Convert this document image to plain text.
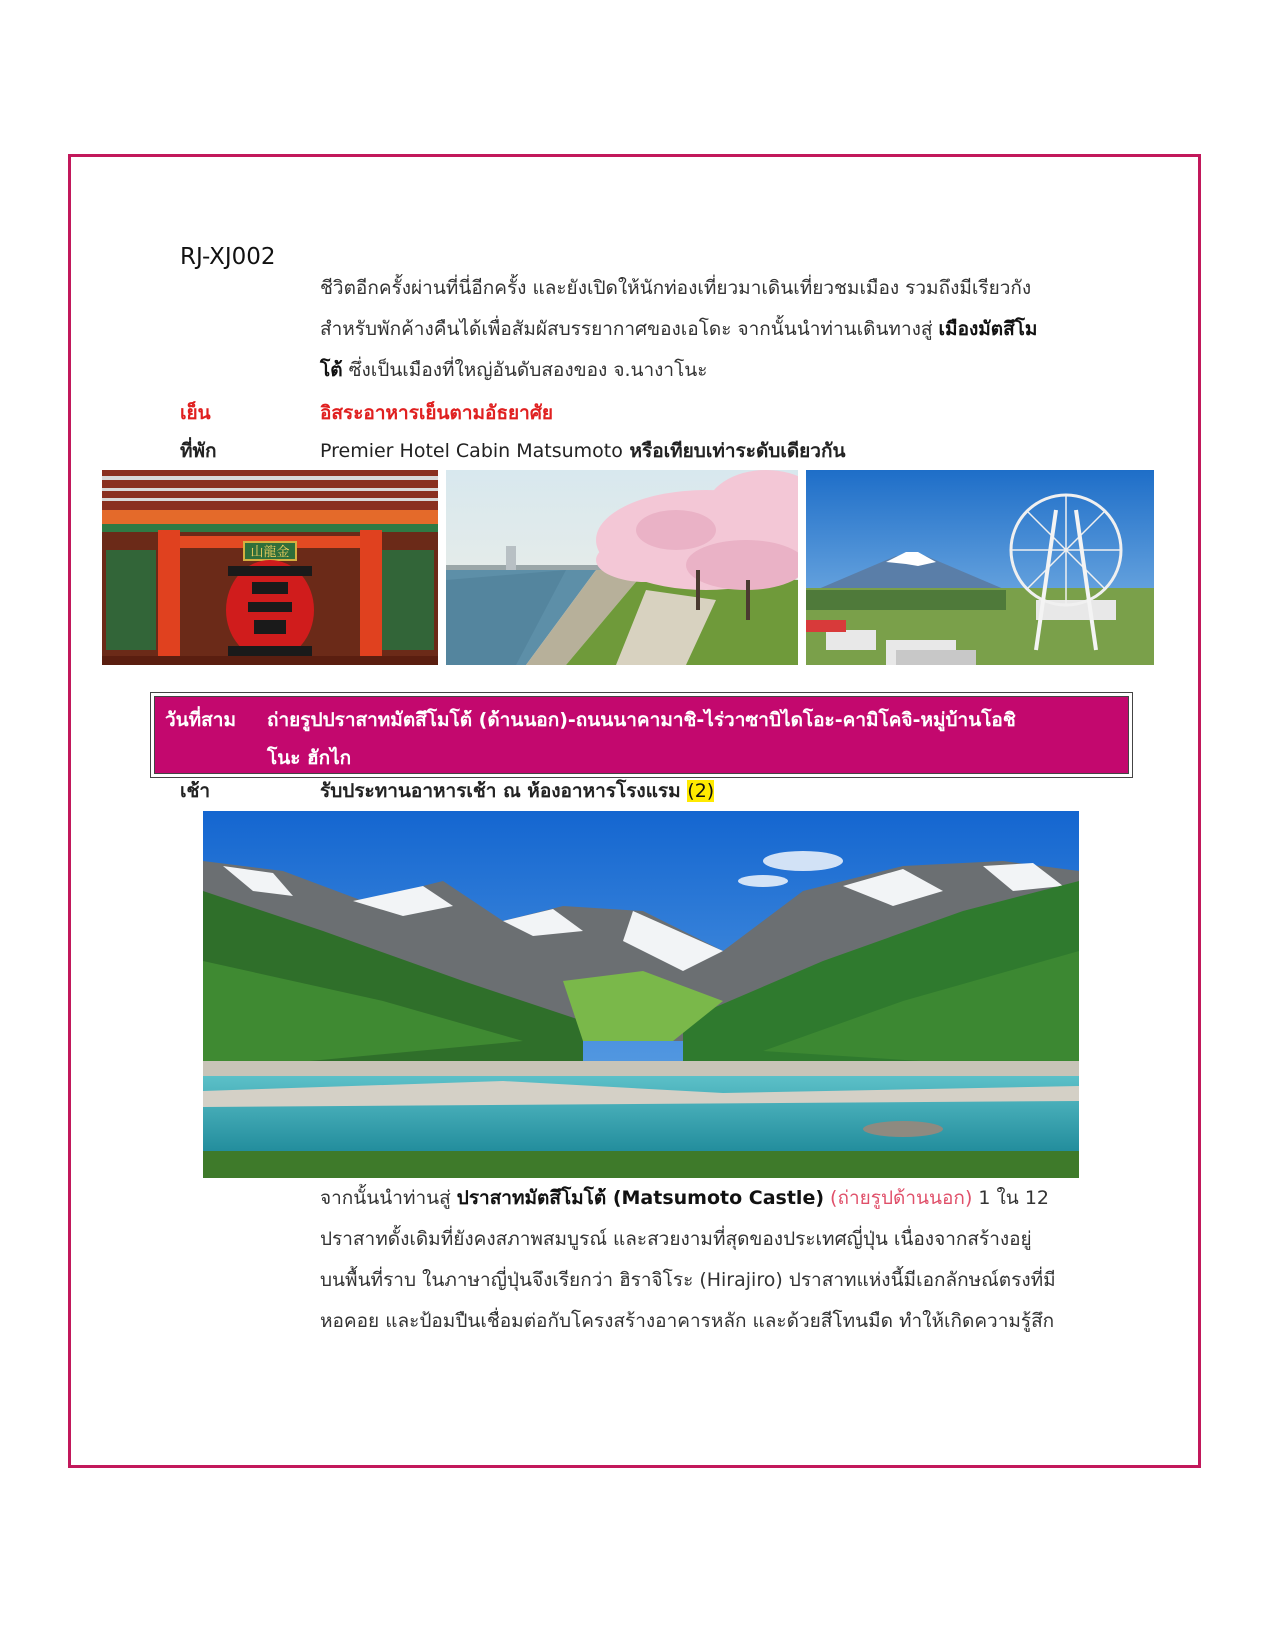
RJ-XJ002
ชีวิตอีกครั้งผ่านที่นี่อีกครั้ง และยังเปิดให้นักท่องเที่ยวมาเดินเที่ยวชมเมือง รวมถึงมีเรียวกัง
สำหรับพักค้างคืนได้เพื่อสัมผัสบรรยากาศของเอโดะ จากนั้นนำท่านเดินทางสู่ เมืองมัตสึโม
โต้ ซึ่งเป็นเมืองที่ใหญ่อันดับสองของ จ.นางาโนะ
เย็น	อิสระอาหารเย็นตามอัธยาศัย
ที่พัก	Premier Hotel Cabin Matsumoto หรือเทียบเท่าระดับเดียวกัน
山龍金
วันที่สาม ถ่ายรูปปราสาทมัตสึโมโต้ (ด้านนอก)-ถนนนาคามาชิ-ไร่วาซาบิไดโอะ-คามิโคจิ-หมู่บ้านโอชิ
โนะ ฮักไก
เช้า	รับประทานอาหารเช้า ณ ห้องอาหารโรงแรม (2)
จากนั้นนำท่านสู่ ปราสาทมัตสึโมโต้ (Matsumoto Castle) (ถ่ายรูปด้านนอก) 1 ใน 12
ปราสาทดั้งเดิมที่ยังคงสภาพสมบูรณ์ และสวยงามที่สุดของประเทศญี่ปุ่น เนื่องจากสร้างอยู่
บนพื้นที่ราบ ในภาษาญี่ปุ่นจึงเรียกว่า ฮิราจิโระ (Hirajiro) ปราสาทแห่งนี้มีเอกลักษณ์ตรงที่มี
หอคอย และป้อมปืนเชื่อมต่อกับโครงสร้างอาคารหลัก และด้วยสีโทนมืด ทำให้เกิดความรู้สึก
